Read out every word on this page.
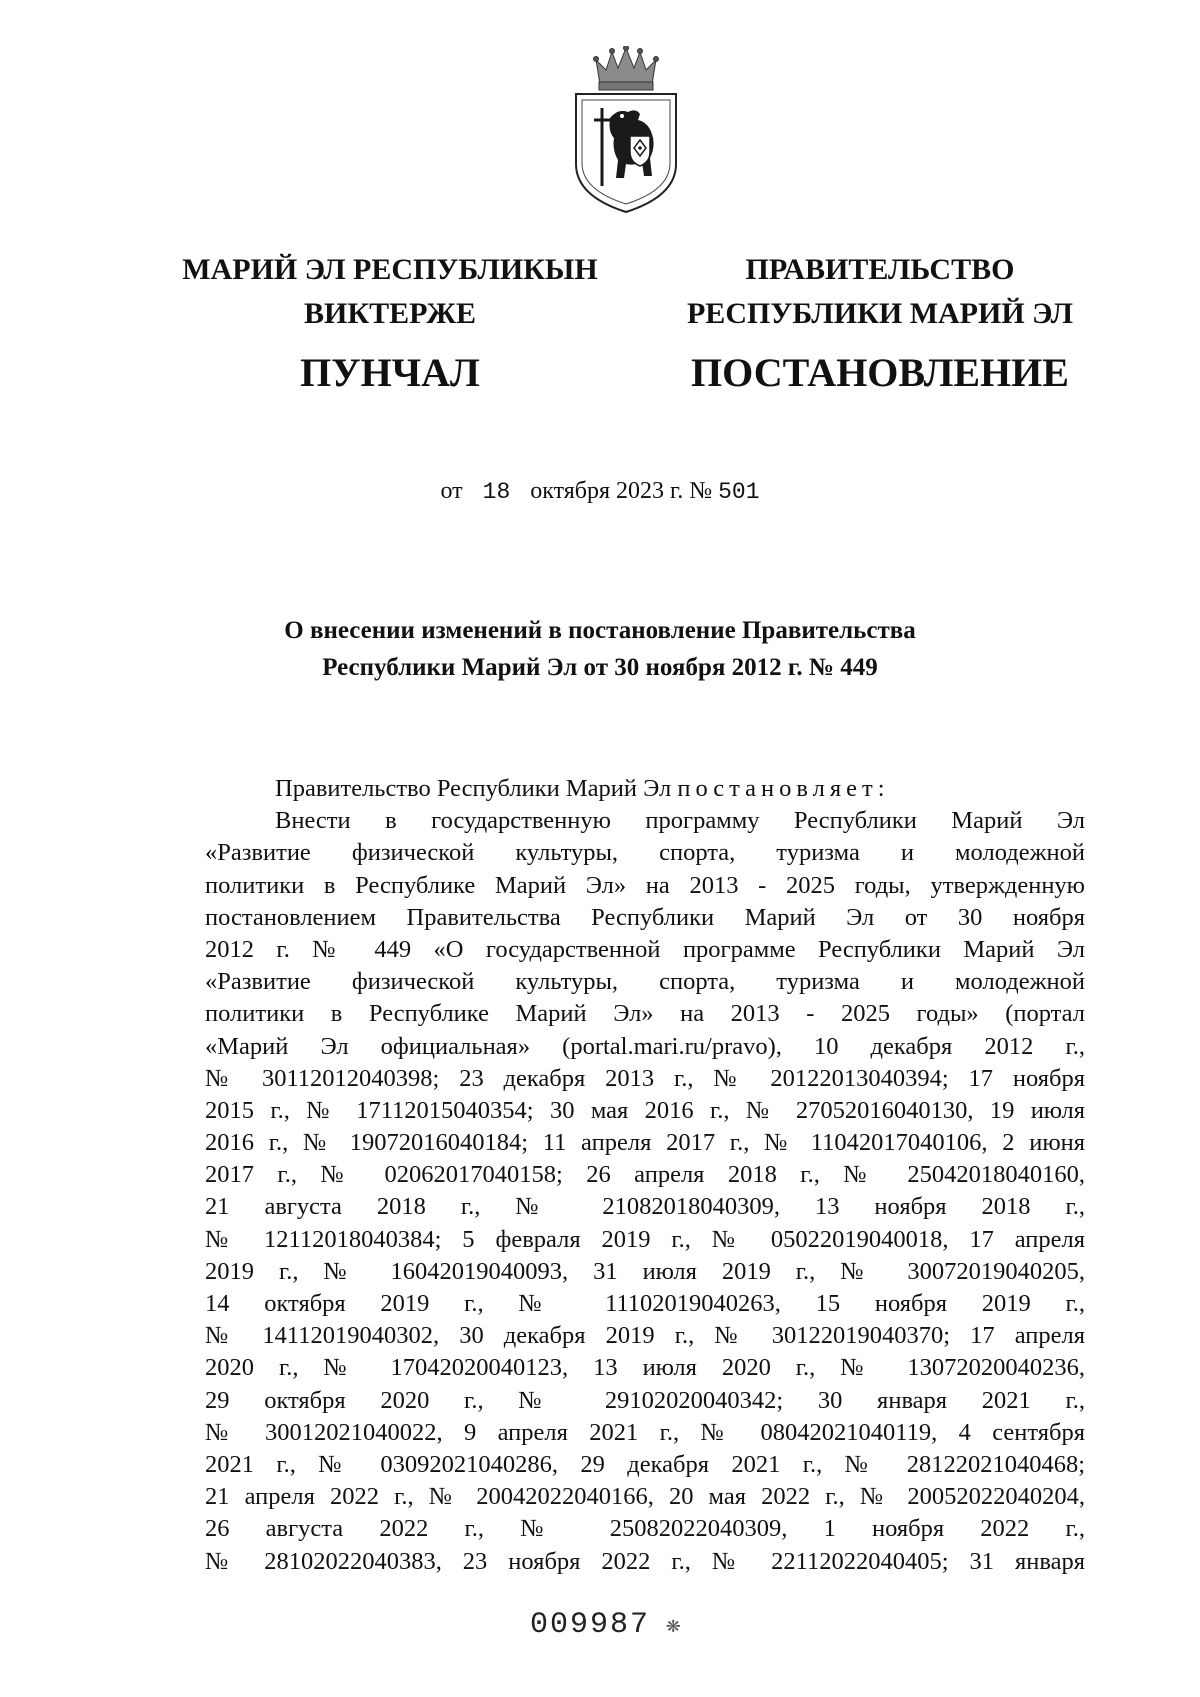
МАРИЙ ЭЛ РЕСПУБЛИКЫН
ВИКТЕРЖЕ
ПУНЧАЛ
ПРАВИТЕЛЬСТВО
РЕСПУБЛИКИ МАРИЙ ЭЛ
ПОСТАНОВЛЕНИЕ
от 18 октября 2023 г. № 501
О внесении изменений в постановление Правительства
Республики Марий Эл от 30 ноября 2012 г. № 449
Правительство Республики Марий Эл постановляет:
Внести в государственную программу Республики Марий Эл
«Развитие физической культуры, спорта, туризма и молодежной
политики в Республике Марий Эл» на 2013 - 2025 годы, утвержденную
постановлением Правительства Республики Марий Эл от 30 ноября
2012 г. № 449 «О государственной программе Республики Марий Эл
«Развитие физической культуры, спорта, туризма и молодежной
политики в Республике Марий Эл» на 2013 - 2025 годы» (портал
«Марий Эл официальная» (portal.mari.ru/pravo), 10 декабря 2012 г.,
№ 30112012040398; 23 декабря 2013 г., № 20122013040394; 17 ноября
2015 г., № 17112015040354; 30 мая 2016 г., № 27052016040130, 19 июля
2016 г., № 19072016040184; 11 апреля 2017 г., № 11042017040106, 2 июня
2017 г., № 02062017040158; 26 апреля 2018 г., № 25042018040160,
21 августа 2018 г., № 21082018040309, 13 ноября 2018 г.,
№ 12112018040384; 5 февраля 2019 г., № 05022019040018, 17 апреля
2019 г., № 16042019040093, 31 июля 2019 г., № 30072019040205,
14 октября 2019 г., № 11102019040263, 15 ноября 2019 г.,
№ 14112019040302, 30 декабря 2019 г., № 30122019040370; 17 апреля
2020 г., № 17042020040123, 13 июля 2020 г., № 13072020040236,
29 октября 2020 г., № 29102020040342; 30 января 2021 г.,
№ 30012021040022, 9 апреля 2021 г., № 08042021040119, 4 сентября
2021 г., № 03092021040286, 29 декабря 2021 г., № 28122021040468;
21 апреля 2022 г., № 20042022040166, 20 мая 2022 г., № 20052022040204,
26 августа 2022 г., № 25082022040309, 1 ноября 2022 г.,
№ 28102022040383, 23 ноября 2022 г., № 22112022040405; 31 января
009987 ❋
